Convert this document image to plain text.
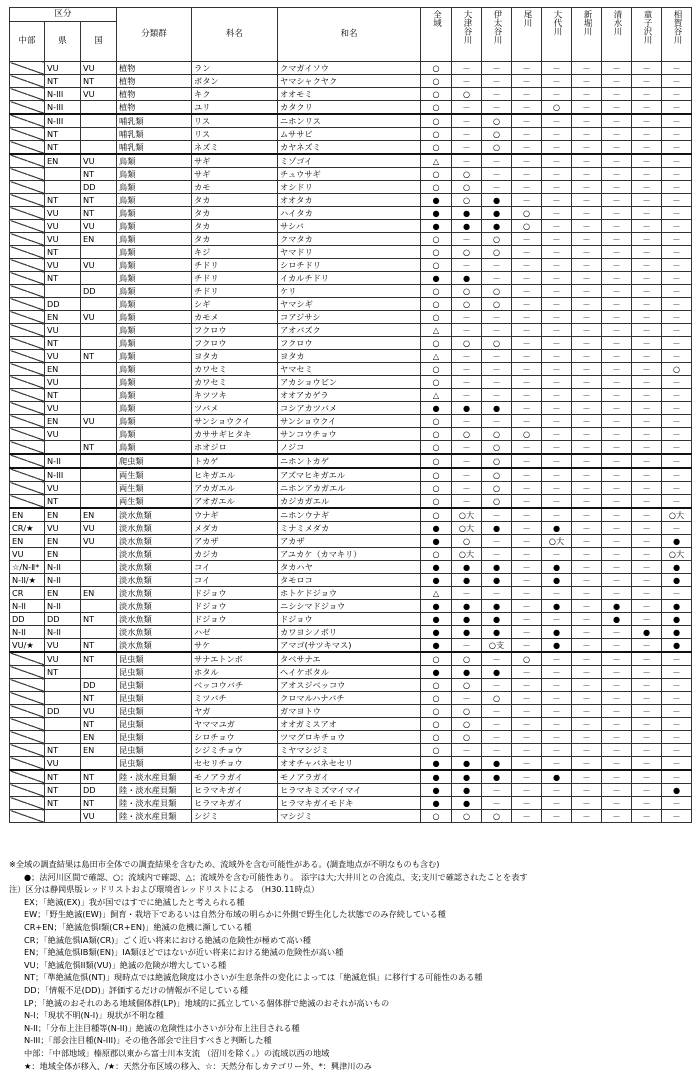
区分			分類群	科名	和名	全域	大津谷川	伊太谷川	尾川	大代川	新堀川	清水川	童子沢川	相賀谷川
中部	県	国												
	VU	VU	植物	ラン	クマガイソウ	○	－	－	－	－	－	－	－	－
	NT	NT	植物	ボタン	ヤマシャクヤク	○	－	－	－	－	－	－	－	－
	N-III	VU	植物	キク	オオモミ	○	○	－	－	－	－	－	－	－
	N-III		植物	ユリ	カタクリ	○	－	－	－	○	－	－	－	－
	N-III		哺乳類	リス	ニホンリス	○	－	○	－	－	－	－	－	－
	NT		哺乳類	リス	ムササビ	○	－	○	－	－	－	－	－	－
	NT		哺乳類	ネズミ	カヤネズミ	○	－	○	－	－	－	－	－	－
	EN	VU	鳥類	サギ	ミゾゴイ	△	－	－	－	－	－	－	－	－
		NT	鳥類	サギ	チュウサギ	○	○	－	－	－	－	－	－	－
		DD	鳥類	カモ	オシドリ	○	○	－	－	－	－	－	－	－
	NT	NT	鳥類	タカ	オオタカ	●	○	●	－	－	－	－	－	－
	VU	NT	鳥類	タカ	ハイタカ	●	●	●	○	－	－	－	－	－
	VU	VU	鳥類	タカ	サシバ	●	●	●	○	－	－	－	－	－
	VU	EN	鳥類	タカ	クマタカ	○	－	○	－	－	－	－	－	－
	NT		鳥類	キジ	ヤマドリ	○	○	○	－	－	－	－	－	－
	VU	VU	鳥類	チドリ	シロチドリ	○	－	－	－	－	－	－	－	－
	NT		鳥類	チドリ	イカルチドリ	●	●	－	－	－	－	－	－	－
		DD	鳥類	チドリ	ケリ	○	○	○	－	－	－	－	－	－
	DD		鳥類	シギ	ヤマシギ	○	○	○	－	－	－	－	－	－
	EN	VU	鳥類	カモメ	コアジサシ	○	－	－	－	－	－	－	－	－
	VU		鳥類	フクロウ	アオバズク	△	－	－	－	－	－	－	－	－
	NT		鳥類	フクロウ	フクロウ	○	○	○	－	－	－	－	－	－
	VU	NT	鳥類	ヨタカ	ヨタカ	△	－	－	－	－	－	－	－	－
	EN		鳥類	カワセミ	ヤマセミ	○	－	－	－	－	－	－	－	○
	VU		鳥類	カワセミ	アカショウビン	○	－	－	－	－	－	－	－	－
	NT		鳥類	キツツキ	オオアカゲラ	△	－	－	－	－	－	－	－	－
	VU		鳥類	ツバメ	コシアカツバメ	●	●	●	－	－	－	－	－	－
	EN	VU	鳥類	サンショウクイ	サンショウクイ	○	－	－	－	－	－	－	－	－
	VU		鳥類	カササギヒタキ	サンコウチョウ	○	○	○	○	－	－	－	－	－
		NT	鳥類	ホオジロ	ノジコ	○	－	○	－	－	－	－	－	－
	N-II		爬虫類	トカゲ	ニホントカゲ	○	－	○	－	－	－	－	－	－
	N-III		両生類	ヒキガエル	アズマヒキガエル	○	－	○	－	－	－	－	－	－
	VU		両生類	アカガエル	ニホンアカガエル	○	－	○	－	－	－	－	－	－
	NT		両生類	アオガエル	カジカガエル	○	－	○	－	－	－	－	－	－
EN	EN	EN	淡水魚類	ウナギ	ニホンウナギ	○	○大	－	－	－	－	－	－	○大
CR/★	VU	VU	淡水魚類	メダカ	ミナミメダカ	●	○大	●	－	●	－	－	－	－
EN	EN	VU	淡水魚類	アカザ	アカザ	●	○	－	－	○大	－	－	－	●
VU	EN		淡水魚類	カジカ	アユカケ（カマキリ）	○	○大	－	－	－	－	－	－	○大
☆/N-Ⅱ*	N-II		淡水魚類	コイ	タカハヤ	●	●	●	－	●	－	－	－	●
N-II/★	N-II		淡水魚類	コイ	タモロコ	●	●	●	－	●	－	－	－	●
CR	EN	EN	淡水魚類	ドジョウ	ホトケドジョウ	△	－	－	－	－	－	－	－	－
N-II	N-II		淡水魚類	ドジョウ	ニシシマドジョウ	●	●	●	－	●	－	●	－	●
DD	DD	NT	淡水魚類	ドジョウ	ドジョウ	●	●	●	－	－	－	●	－	●
N-II	N-II		淡水魚類	ハゼ	カワヨシノボリ	●	●	●	－	●	－	－	●	●
VU/★	VU	NT	淡水魚類	サケ	アマゴ(サツキマス)	●	－	○支	－	●	－	－	－	●
	VU	NT	昆虫類	サナエトンボ	タベサナエ	○	○	－	○	－	－	－	－	－
	NT		昆虫類	ホタル	ヘイケボタル	●	●	●	－	－	－	－	－	－
		DD	昆虫類	ベッコウバチ	アオスジベッコウ	○	○	－	－	－	－	－	－	－
		NT	昆虫類	ミツバチ	クロマルハナバチ	○	－	○	－	－	－	－	－	－
	DD	VU	昆虫類	ヤガ	ガマヨトウ	○	○	－	－	－	－	－	－	－
		NT	昆虫類	ヤママユガ	オオガミスアオ	○	○	－	－	－	－	－	－	－
		EN	昆虫類	シロチョウ	ツマグロキチョウ	○	○	－	－	－	－	－	－	－
	NT	EN	昆虫類	シジミチョウ	ミヤマシジミ	○	－	－	－	－	－	－	－	－
	VU		昆虫類	セセリチョウ	オオチャバネセセリ	●	●	●	－	－	－	－	－	－
	NT	NT	陸・淡水産貝類	モノアラガイ	モノアラガイ	●	●	●	－	●	－	－	－	－
	NT	DD	陸・淡水産貝類	ヒラマキガイ	ヒラマキミズマイマイ	●	●	－	－	－	－	－	－	●
	NT	NT	陸・淡水産貝類	ヒラマキガイ	ヒラマキガイモドキ	●	●	－	－	－	－	－	－	－
		VU	陸・淡水産貝類	シジミ	マシジミ	○	○	○	－	－	－	－	－	－
※全域の調査結果は島田市全体での調査結果を含むため、流域外を含む可能性がある。(調査地点が不明なものも含む)
●；法河川区間で確認、○；流域内で確認、△；流域外を含む可能性あり。 添字は大;大井川との合流点、支;支川で確認されたことを表す
注）区分は静岡県版レッドリストおよび環境省レッドリストによる （H30.11時点）
EX；「絶滅(EX)」我が国ではすでに絶滅したと考えられる種
EW；「野生絶滅(EW)」飼育・栽培下であるいは自然分布域の明らかに外側で野生化した状態でのみ存続している種
CR+EN；「絶滅危惧I類(CR+EN)」絶滅の危機に瀕している種
CR；「絶滅危惧IA類(CR)」ごく近い将来における絶滅の危険性が極めて高い種
EN；「絶滅危惧IB類(EN)」IA類ほどではないが近い将来における絶滅の危険性が高い種
VU；「絶滅危惧II類(VU)」絶滅の危険が増大している種
NT；「準絶滅危惧(NT)」現時点では絶滅危険度は小さいが生息条件の変化によっては「絶滅危惧」に移行する可能性のある種
DD；「情報不足(DD)」評価するだけの情報が不足している種
LP；「絶滅のおそれのある地域個体群(LP)」地域的に孤立している個体群で絶滅のおそれが高いもの
N-I；「現状不明(N-I)」現状が不明な種
N-II；「分布上注目種等(N-II)」絶滅の危険性は小さいが分布上注目される種
N-III；「部会注目種(N-III)」その他各部会で注目すべきと判断した種
中部：「中部地域」榛原郡以東から富士川本支流 （沼川を除く。）の流域以西の地域
★：地域全体が移入、/★：天然分布区域の移入、☆：天然分布しカテゴリー外、*：興津川のみ
